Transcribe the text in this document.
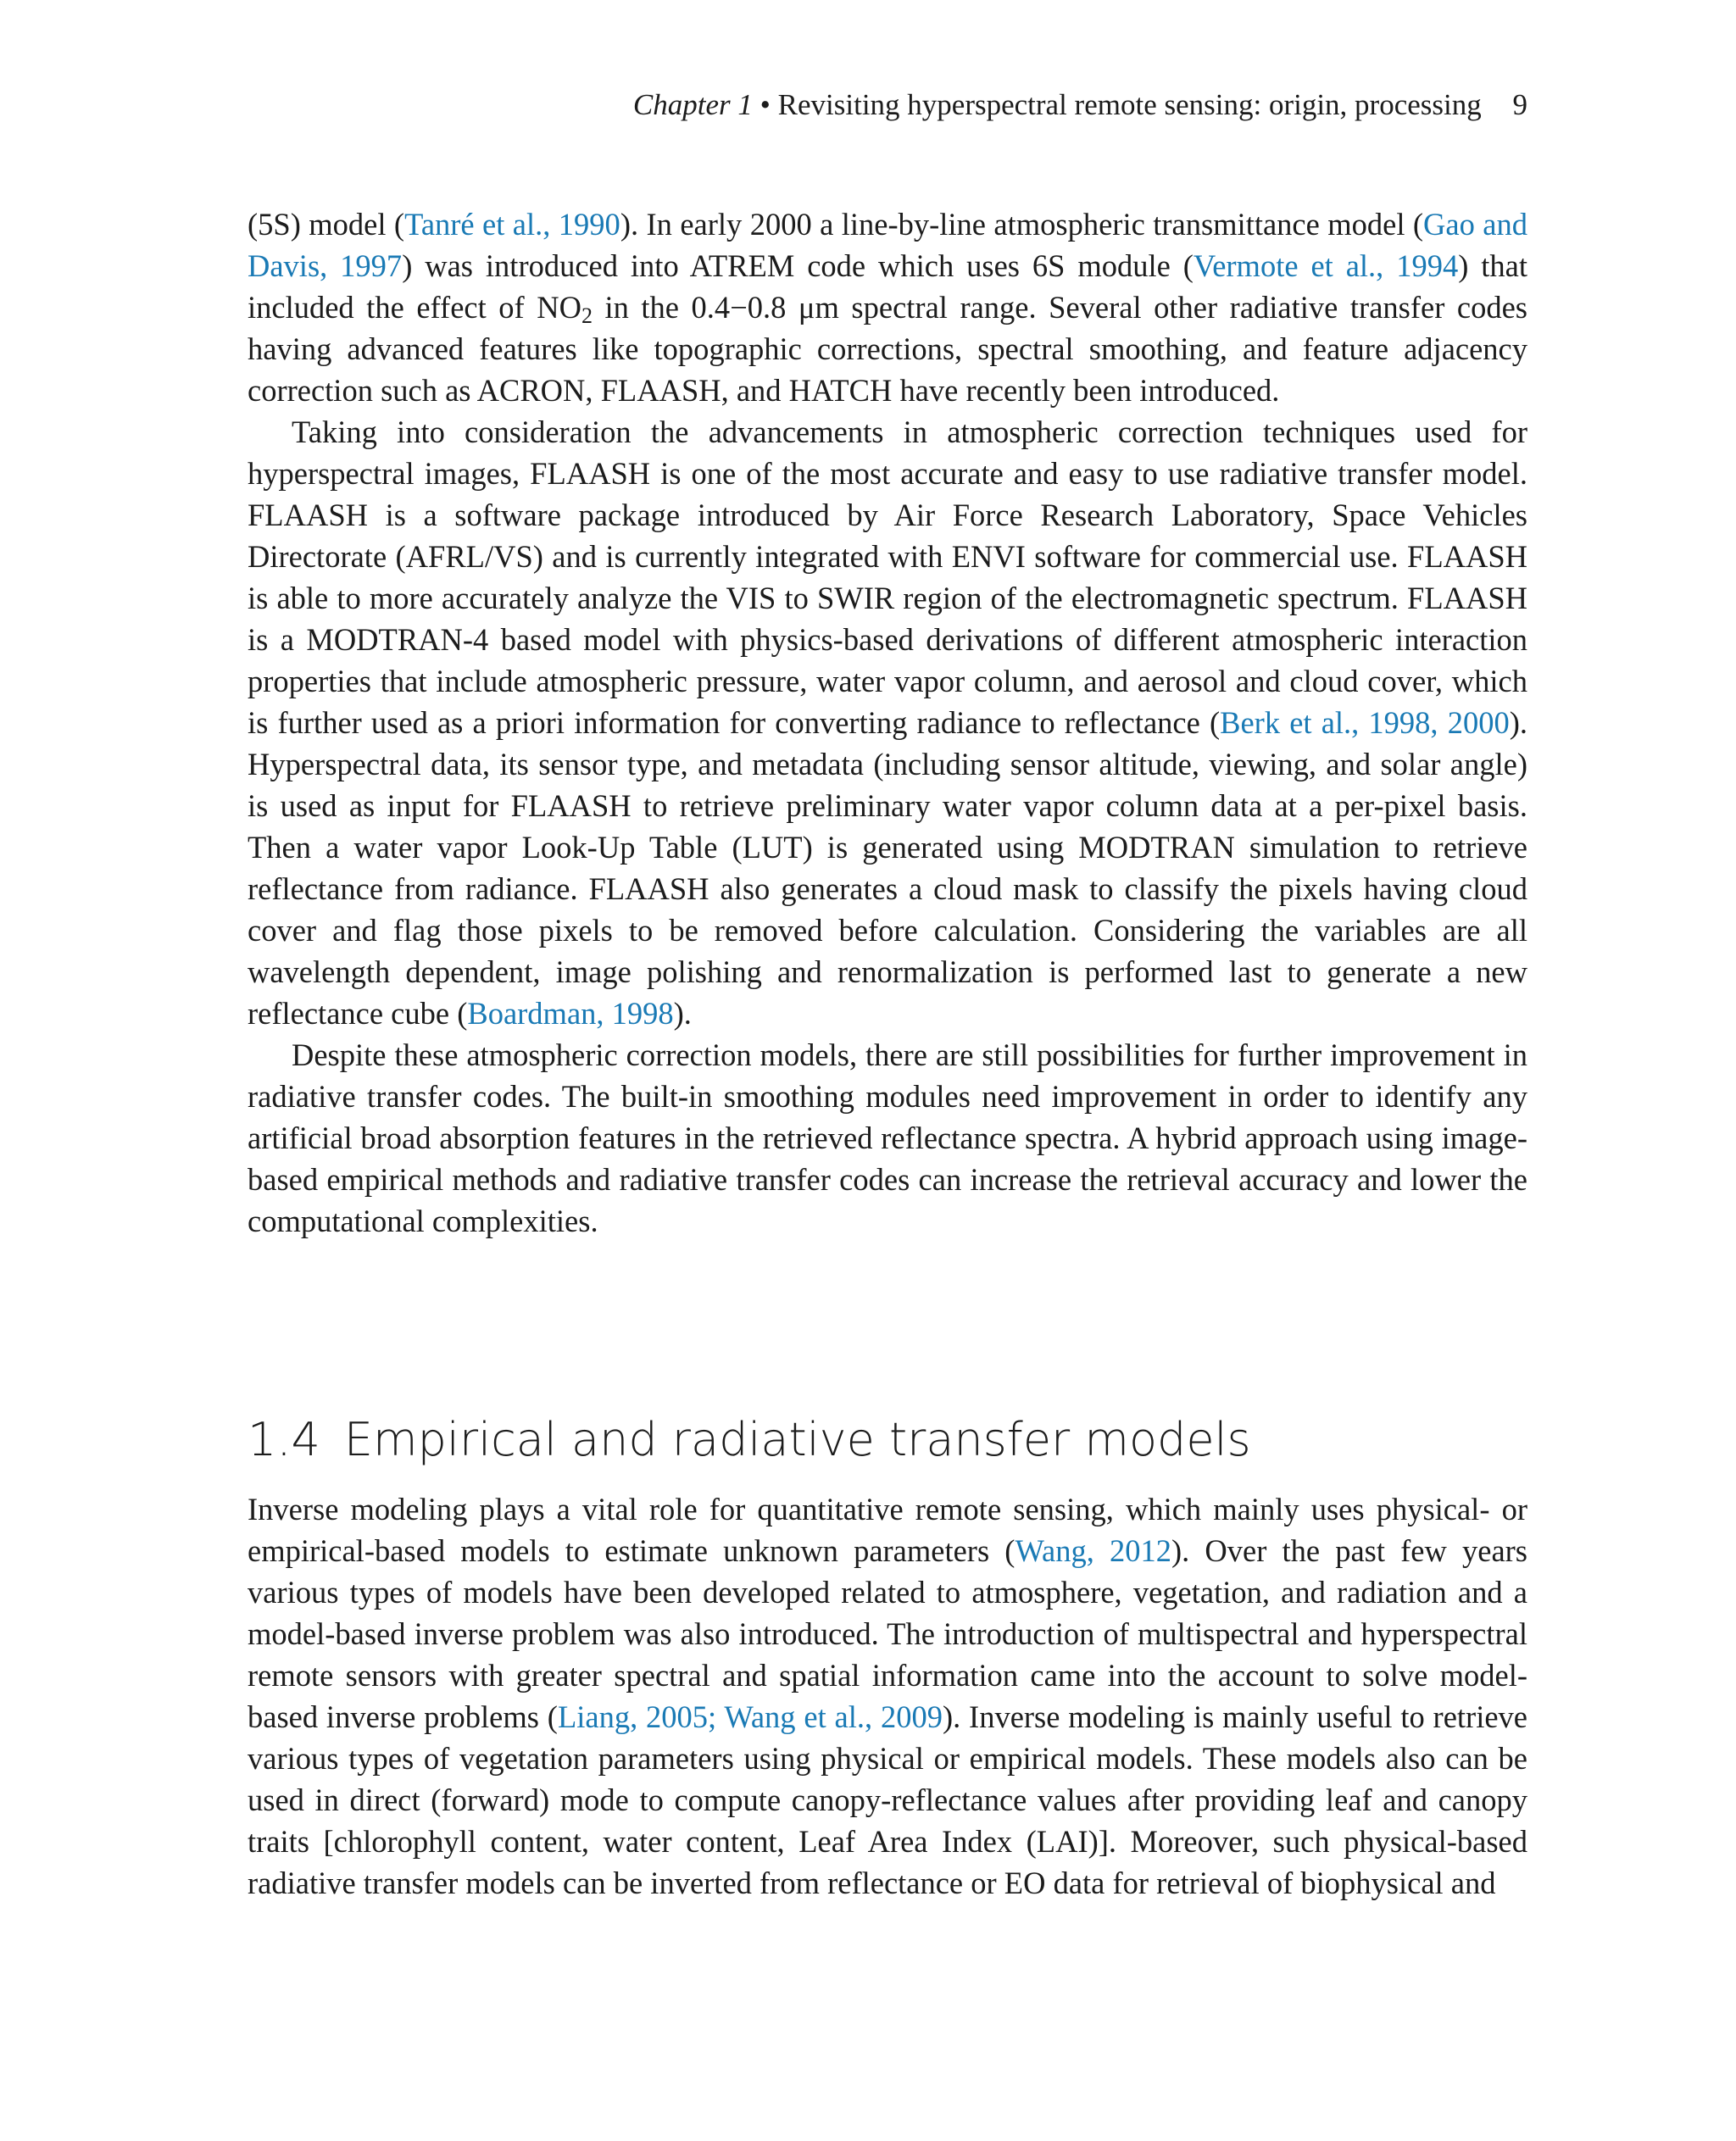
Chapter 1 • Revisiting hyperspectral remote sensing: origin, processing 9

(5S) model (Tanré et al., 1990). In early 2000 a line-by-line atmospheric transmittance model (Gao and Davis, 1997) was introduced into ATREM code which uses 6S module (Vermote et al., 1994) that included the effect of $NO_2$ in the 0.4−0.8 μm spectral range. Several other radiative transfer codes having advanced features like topographic corrections, spectral smoothing, and feature adjacency correction such as ACRON, FLAASH, and HATCH have recently been introduced.

Taking into consideration the advancements in atmospheric correction techniques used for hyperspectral images, FLAASH is one of the most accurate and easy to use radiative transfer model. FLAASH is a software package introduced by Air Force Research Laboratory, Space Vehicles Directorate (AFRL/VS) and is currently integrated with ENVI software for commercial use. FLAASH is able to more accurately analyze the VIS to SWIR region of the electromagnetic spectrum. FLAASH is a MODTRAN-4 based model with physics-based derivations of different atmospheric interaction properties that include atmospheric pressure, water vapor column, and aerosol and cloud cover, which is further used as a priori information for converting radiance to reflectance (Berk et al., 1998, 2000). Hyperspectral data, its sensor type, and metadata (including sensor altitude, viewing, and solar angle) is used as input for FLAASH to retrieve preliminary water vapor column data at a per-pixel basis. Then a water vapor Look-Up Table (LUT) is generated using MODTRAN simulation to retrieve reflectance from radiance. FLAASH also generates a cloud mask to classify the pixels having cloud cover and flag those pixels to be removed before calculation. Considering the variables are all wavelength dependent, image polishing and renormalization is performed last to generate a new reflectance cube (Boardman, 1998).

Despite these atmospheric correction models, there are still possibilities for further improvement in radiative transfer codes. The built-in smoothing modules need improvement in order to identify any artificial broad absorption features in the retrieved reflectance spectra. A hybrid approach using image-based empirical methods and radiative transfer codes can increase the retrieval accuracy and lower the computational complexities.

1.4 Empirical and radiative transfer models

Inverse modeling plays a vital role for quantitative remote sensing, which mainly uses physical- or empirical-based models to estimate unknown parameters (Wang, 2012). Over the past few years various types of models have been developed related to atmosphere, vegetation, and radiation and a model-based inverse problem was also introduced. The introduction of multispectral and hyperspectral remote sensors with greater spectral and spatial information came into the account to solve model-based inverse problems (Liang, 2005; Wang et al., 2009). Inverse modeling is mainly useful to retrieve various types of vegetation parameters using physical or empirical models. These models also can be used in direct (forward) mode to compute canopy-reflectance values after providing leaf and canopy traits [chlorophyll content, water content, Leaf Area Index (LAI)]. Moreover, such physical-based radiative transfer models can be inverted from reflectance or EO data for retrieval of biophysical and
